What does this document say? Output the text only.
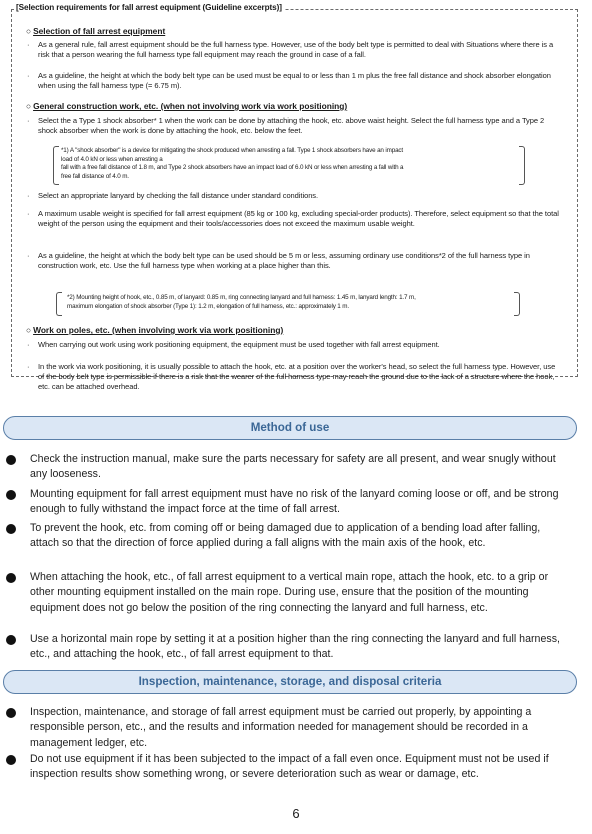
[Selection requirements for fall arrest equipment (Guideline excerpts)]
○ Selection of fall arrest equipment
· As a general rule, fall arrest equipment should be the full harness type. However, use of the body belt type is permitted to deal with Situations where there is a risk that a person wearing the full harness type fall equipment may reach the ground in case of a fall.
· As a guideline, the height at which the body belt type can be used must be equal to or less than 1 m plus the free fall distance and shock absorber elongation when using the fall harness type (= 6.75 m).
○ General construction work, etc. (when not involving work via work positioning)
· Select the a Type 1 shock absorber* 1 when the work can be done by attaching the hook, etc. above waist height. Select the full harness type and a Type 2 shock absorber when the work is done by attaching the hook, etc. below the feet.
*1) A "shock absorber" is a device for mitigating the shock produced when arresting a fall. Type 1 shock absorbers have an impact
load of 4.0 kN or less when arresting a
fall with a free fall distance of 1.8 m, and Type 2 shock absorbers have an impact load of 6.0 kN or less when arresting a fall with a
free fall distance of 4.0 m.
· Select an appropriate lanyard by checking the fall distance under standard conditions.
· A maximum usable weight is specified for fall arrest equipment (85 kg or 100 kg, excluding special-order products). Therefore, select equipment so that the total weight of the person using the equipment and their tools/accessories does not exceed the maximum usable weight.
· As a guideline, the height at which the body belt type can be used should be 5 m or less, assuming ordinary use conditions*2 of the full harness type in construction work, etc. Use the full harness type when working at a place higher than this.
*2) Mounting height of hook, etc., 0.85 m, of lanyard: 0.85 m, ring connecting lanyard and full harness: 1.45 m, lanyard length: 1.7 m,
maximum elongation of shock absorber (Type 1): 1.2 m, elongation of full harness, etc.: approximately 1 m.
○ Work on poles, etc. (when involving work via work positioning)
· When carrying out work using work positioning equipment, the equipment must be used together with fall arrest equipment.
· In the work via work positioning, it is usually possible to attach the hook, etc. at a position over the worker's head, so select the full harness type. However, use of the body belt type is permissible if there is a risk that the wearer of the full harness type may reach the ground due to the lack of a structure where the hook, etc. can be attached overhead.
Method of use
Check the instruction manual, make sure the parts necessary for safety are all present, and wear snugly without any looseness.
Mounting equipment for fall arrest equipment must have no risk of the lanyard coming loose or off, and be strong enough to fully withstand the impact force at the time of fall arrest.
To prevent the hook, etc. from coming off or being damaged due to application of a bending load after falling, attach so that the direction of force applied during a fall aligns with the main axis of the hook, etc.
When attaching the hook, etc., of fall arrest equipment to a vertical main rope, attach the hook, etc. to a grip or other mounting equipment installed on the main rope. During use, ensure that the position of the mounting equipment does not go below the position of the ring connecting the lanyard and full harness, etc.
Use a horizontal main rope by setting it at a position higher than the ring connecting the lanyard and full harness, etc., and attaching the hook, etc., of fall arrest equipment to that.
Inspection, maintenance, storage, and disposal criteria
Inspection, maintenance, and storage of fall arrest equipment must be carried out properly, by appointing a responsible person, etc., and the results and information needed for management should be recorded in a management ledger, etc.
Do not use equipment if it has been subjected to the impact of a fall even once. Equipment must not be used if inspection results show something wrong, or severe deterioration such as wear or damage, etc.
6
